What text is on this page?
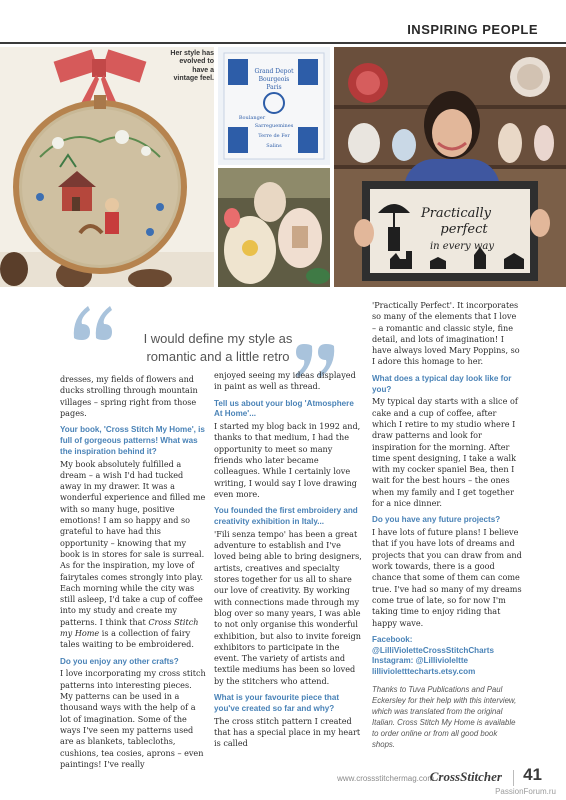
INSPIRING PEOPLE
Her style has evolved to have a vintage feel.
Grand Depot
Bourgeois
Paris
Boulanger
Sarreguemines
Terre de Fer
Salins
Practically
perfect
in every way
I would define my style as romantic and a little retro

dresses, my fields of flowers and ducks strolling through mountain villages – spring right from those pages.

Your book, 'Cross Stitch My Home', is full of gorgeous patterns! What was the inspiration behind it?

My book absolutely fulfilled a dream – a wish I'd had tucked away in my drawer. It was a wonderful experience and filled me with so many huge, positive emotions! I am so happy and so grateful to have had this opportunity – knowing that my book is in stores for sale is surreal. As for the inspiration, my love of fairytales comes strongly into play. Each morning while the city was still asleep, I'd take a cup of coffee into my study and create my patterns. I think that Cross Stitch my Home is a collection of fairy tales waiting to be embroidered.

Do you enjoy any other crafts?

I love incorporating my cross stitch patterns into interesting pieces. My patterns can be used in a thousand ways with the help of a lot of imagination. Some of the ways I've seen my patterns used are as blankets, tablecloths, cushions, tea cosies, aprons – even paintings! I've really

enjoyed seeing my ideas displayed in paint as well as thread.

Tell us about your blog 'Atmosphere At Home'...

I started my blog back in 1992 and, thanks to that medium, I had the opportunity to meet so many friends who later became colleagues. While I certainly love writing, I would say I love drawing even more.

You founded the first embroidery and creativity exhibition in Italy...

'Fili senza tempo' has been a great adventure to establish and I've loved being able to bring designers, artists, creatives and specialty stores together for us all to share our love of creativity. By working with connections made through my blog over so many years, I was able to not only organise this wonderful exhibition, but also to invite foreign exhibitors to participate in the event. The variety of artists and textile mediums has been so loved by the stitchers who attend.

What is your favourite piece that you've created so far and why?

The cross stitch pattern I created that has a special place in my heart is called

'Practically Perfect'. It incorporates so many of the elements that I love – a romantic and classic style, fine detail, and lots of imagination! I have always loved Mary Poppins, so I adore this homage to her.

What does a typical day look like for you?

My typical day starts with a slice of cake and a cup of coffee, after which I retire to my studio where I draw patterns and look for inspiration for the morning. After time spent designing, I take a walk with my cocker spaniel Bea, then I wait for the best hours – the ones when my family and I get together for a nice dinner.

Do you have any future projects?

I have lots of future plans! I believe that if you have lots of dreams and projects that you can draw from and work towards, there is a good chance that some of them can come true. I've had so many of my dreams come true of late, so for now I'm taking time to enjoy riding that happy wave.

Facebook: @LilliVioletteCrossStitchCharts
Instagram: @Lillivioleltte
lillivioletttecharts.etsy.com

Thanks to Tuva Publications and Paul Eckersley for their help with this interview, which was translated from the original Italian. Cross Stitch My Home is available to order online or from all good book shops.

www.crossstitchermag.com
CrossStitcher 41
PassionForum.ru
